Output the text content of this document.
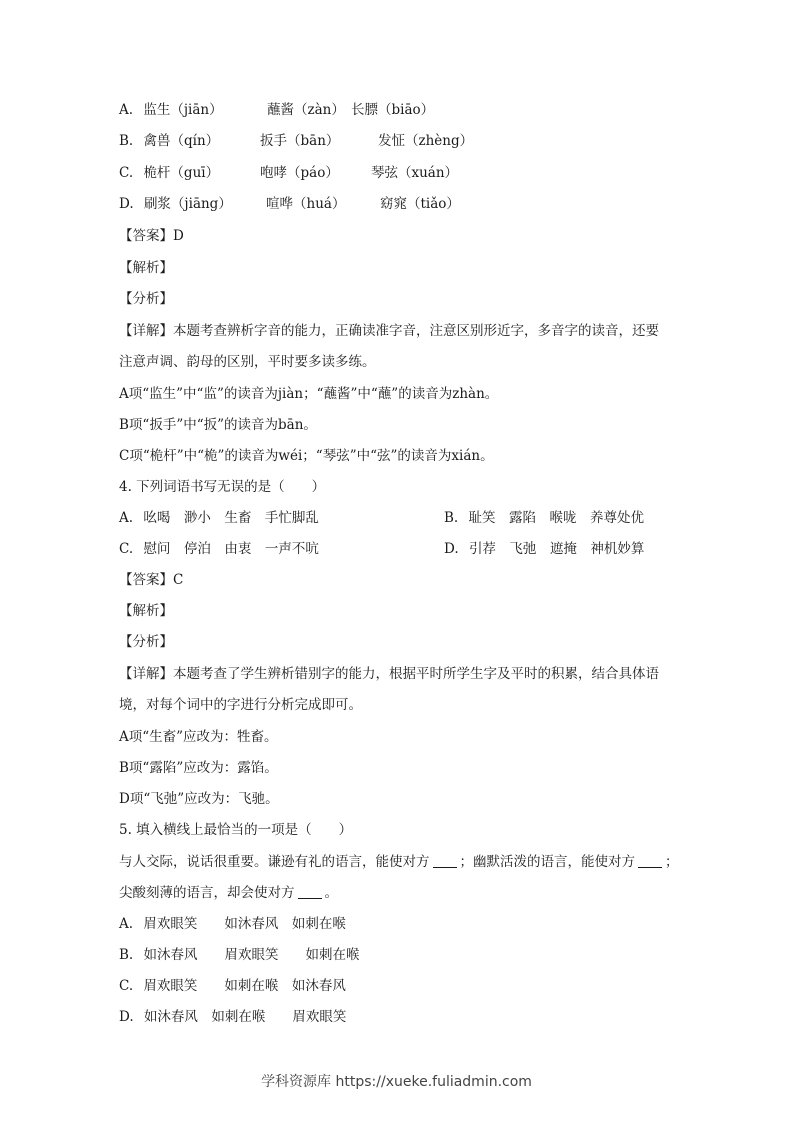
A. 监生（jiān）	蘸酱（zàn） 长膘（biāo）
B. 禽兽（qín）	扳手（bān）	发怔（zhèng）
C. 桅杆（guī）	咆哮（páo） 琴弦（xuán）
D. 刷浆（jiāng）	喧哗（huá）	窈窕（tiǎo）
【答案】D
【解析】
【分析】
【详解】本题考查辨析字音的能力，正确读准字音，注意区别形近字，多音字的读音，还要
注意声调、韵母的区别，平时要多读多练。
A项“监生”中“监”的读音为jiàn；“蘸酱”中“蘸”的读音为zhàn。
B项“扳手”中“扳”的读音为bān。
C项“桅杆”中“桅”的读音为wéi；“琴弦”中“弦”的读音为xián。
4. 下列词语书写无误的是（　　）
A. 吆喝　渺小　生畜　手忙脚乱	B. 耻笑　露陷　喉咙　养尊处优
C. 慰问　停泊　由衷　一声不吭	D. 引荐　飞弛　遮掩　神机妙算
【答案】C
【解析】
【分析】
【详解】本题考查了学生辨析错别字的能力，根据平时所学生字及平时的积累，结合具体语
境，对每个词中的字进行分析完成即可。
A项“生畜”应改为：牲畜。
B项“露陷”应改为：露馅。
D项“飞弛”应改为：飞驰。
5. 填入横线上最恰当的一项是（　　）
与人交际，说话很重要。谦逊有礼的语言，能使对方 ；幽默活泼的语言，能使对方 ；
尖酸刻薄的语言，却会使对方 。
A. 眉欢眼笑　　如沐春风　如刺在喉
B. 如沐春风　　眉欢眼笑　　如刺在喉
C. 眉欢眼笑　　如刺在喉　如沐春风
D. 如沐春风　如刺在喉　　眉欢眼笑
学科资源库 https://xueke.fuliadmin.com
